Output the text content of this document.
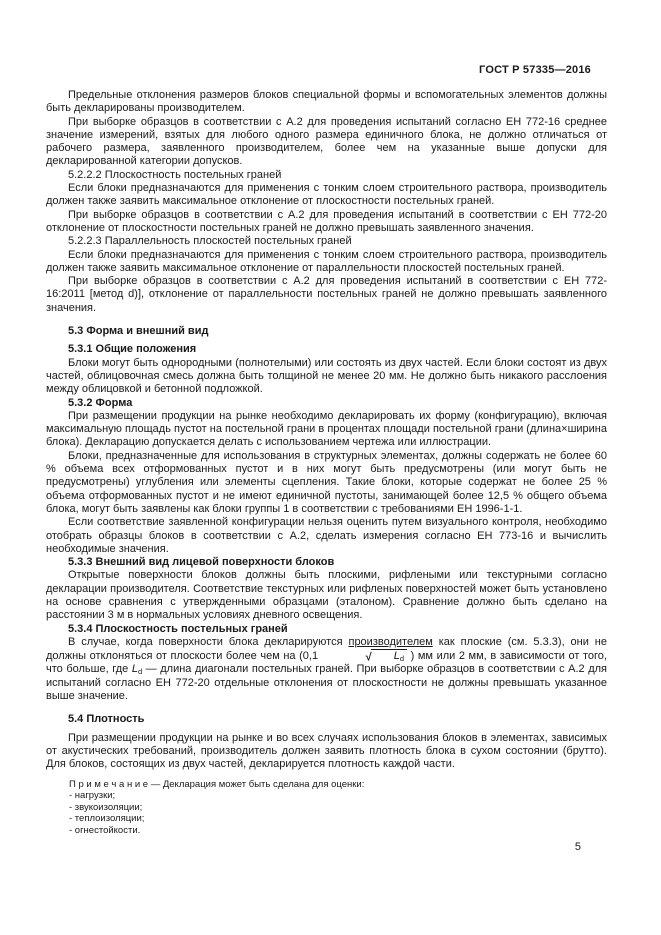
ГОСТ Р 57335—2016

Предельные отклонения размеров блоков специальной формы и вспомогательных элементов должны быть декларированы производителем.

При выборке образцов в соответствии с А.2 для проведения испытаний согласно ЕН 772-16 среднее значение измерений, взятых для любого одного размера единичного блока, не должно отличаться от рабочего размера, заявленного производителем, более чем на указанные выше допуски для декларированной категории допусков.

5.2.2.2 Плоскостность постельных граней

Если блоки предназначаются для применения с тонким слоем строительного раствора, производитель должен также заявить максимальное отклонение от плоскостности постельных граней.

При выборке образцов в соответствии с А.2 для проведения испытаний в соответствии с ЕН 772-20 отклонение от плоскостности постельных граней не должно превышать заявленного значения.

5.2.2.3 Параллельность плоскостей постельных граней

Если блоки предназначаются для применения с тонким слоем строительного раствора, производитель должен также заявить максимальное отклонение от параллельности плоскостей постельных граней.

При выборке образцов в соответствии с А.2 для проведения испытаний в соответствии с ЕН 772-16:2011 [метод d)], отклонение от параллельности постельных граней не должно превышать заявленного значения.

5.3 Форма и внешний вид

5.3.1 Общие положения

Блоки могут быть однородными (полнотелыми) или состоять из двух частей. Если блоки состоят из двух частей, облицовочная смесь должна быть толщиной не менее 20 мм. Не должно быть никакого расслоения между облицовкой и бетонной подложкой.

5.3.2 Форма

При размещении продукции на рынке необходимо декларировать их форму (конфигурацию), включая максимальную площадь пустот на постельной грани в процентах площади постельной грани (длина×ширина блока). Декларацию допускается делать с использованием чертежа или иллюстрации.

Блоки, предназначенные для использования в структурных элементах, должны содержать не более 60 % объема всех отформованных пустот и в них могут быть предусмотрены (или могут быть не предусмотрены) углубления или элементы сцепления. Такие блоки, которые содержат не более 25 % объема отформованных пустот и не имеют единичной пустоты, занимающей более 12,5 % общего объема блока, могут быть заявлены как блоки группы 1 в соответствии с требованиями ЕН 1996-1-1.

Если соответствие заявленной конфигурации нельзя оценить путем визуального контроля, необходимо отобрать образцы блоков в соответствии с А.2, сделать измерения согласно ЕН 773-16 и вычислить необходимые значения.

5.3.3 Внешний вид лицевой поверхности блоков

Открытые поверхности блоков должны быть плоскими, рифлеными или текстурными согласно декларации производителя. Соответствие текстурных или рифленых поверхностей может быть установлено на основе сравнения с утвержденными образцами (эталоном). Сравнение должно быть сделано на расстоянии 3 м в нормальных условиях дневного освещения.

5.3.4 Плоскостность постельных граней

В случае, когда поверхности блока декларируются производителем как плоские (см. 5.3.3), они не должны отклоняться от плоскости более чем на (0,1	√ $L_d$ ) мм или 2 мм, в зависимости от того, что больше, где $L_d$ — длина диагонали постельных граней. При выборке образцов в соответствии с А.2 для испытаний согласно ЕН 772-20 отдельные отклонения от плоскостности не должны превышать указанное выше значение.

5.4 Плотность

При размещении продукции на рынке и во всех случаях использования блоков в элементах, зависимых от акустических требований, производитель должен заявить плотность блока в сухом состоянии (брутто). Для блоков, состоящих из двух частей, декларируется плотность каждой части.

П р и м е ч а н и е — Декларация может быть сделана для оценки:

- нагрузки;

- звукоизоляции;

- теплоизоляции;

- огнестойкости.

5
